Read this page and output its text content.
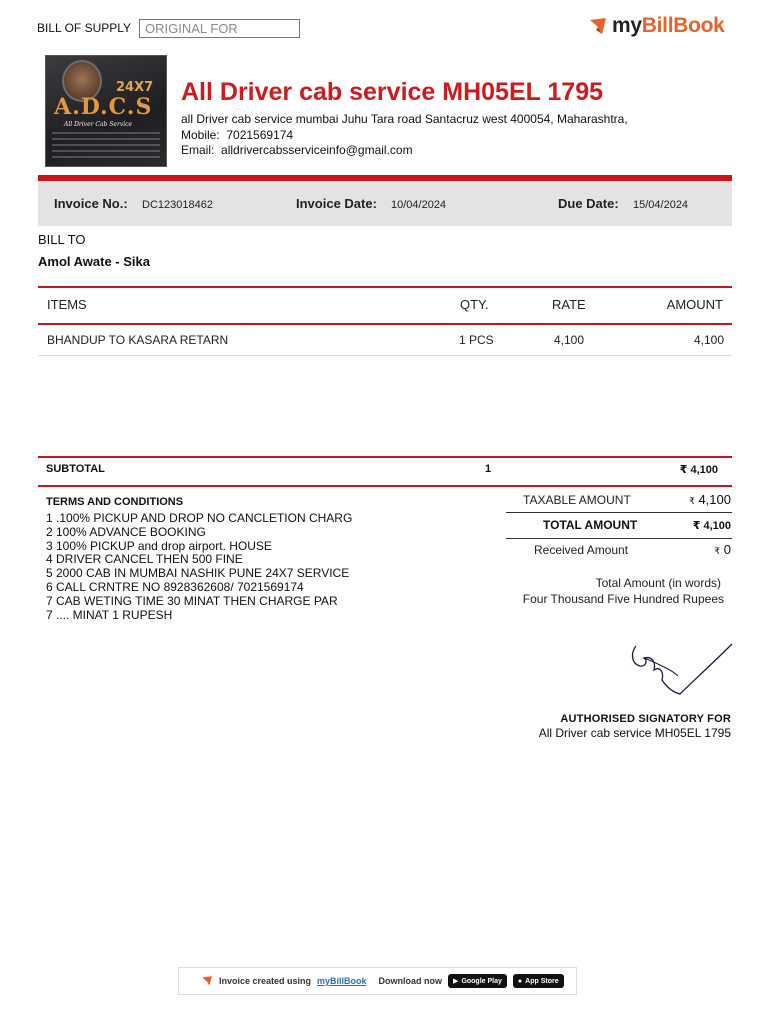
BILL OF SUPPLY	ORIGINAL FOR	myBillBook
24X7
A.D.C.S
All Driver Cab Service
All Driver cab service MH05EL 1795
all Driver cab service mumbai Juhu Tara road Santacruz west 400054, Maharashtra,
Mobile: 7021569174
Email: alldrivercabsserviceinfo@gmail.com
Invoice No.: DC123018462	Invoice Date: 10/04/2024	Due Date: 15/04/2024
BILL TO
Amol Awate - Sika
ITEMS	QTY.	RATE	AMOUNT
BHANDUP TO KASARA RETARN	1 PCS	4,100	4,100
SUBTOTAL	1	₹ 4,100
TERMS AND CONDITIONS
1 .100% PICKUP AND DROP NO CANCLETION CHARG
2 100% ADVANCE BOOKING
3 100% PICKUP and drop airport. HOUSE
4 DRIVER CANCEL THEN 500 FINE
5 2000 CAB IN MUMBAI NASHIK PUNE 24X7 SERVICE
6 CALL CRNTRE NO 8928362608/ 7021569174
7 CAB WETING TIME 30 MINAT THEN CHARGE PAR
7 .... MINAT 1 RUPESH
TAXABLE AMOUNT	₹ 4,100
TOTAL AMOUNT	₹ 4,100
Received Amount	₹ 0
Total Amount (in words)
Four Thousand Five Hundred Rupees
AUTHORISED SIGNATORY FOR
All Driver cab service MH05EL 1795
Invoice created using myBillBook Download now ▶ Google Play ● App Store
